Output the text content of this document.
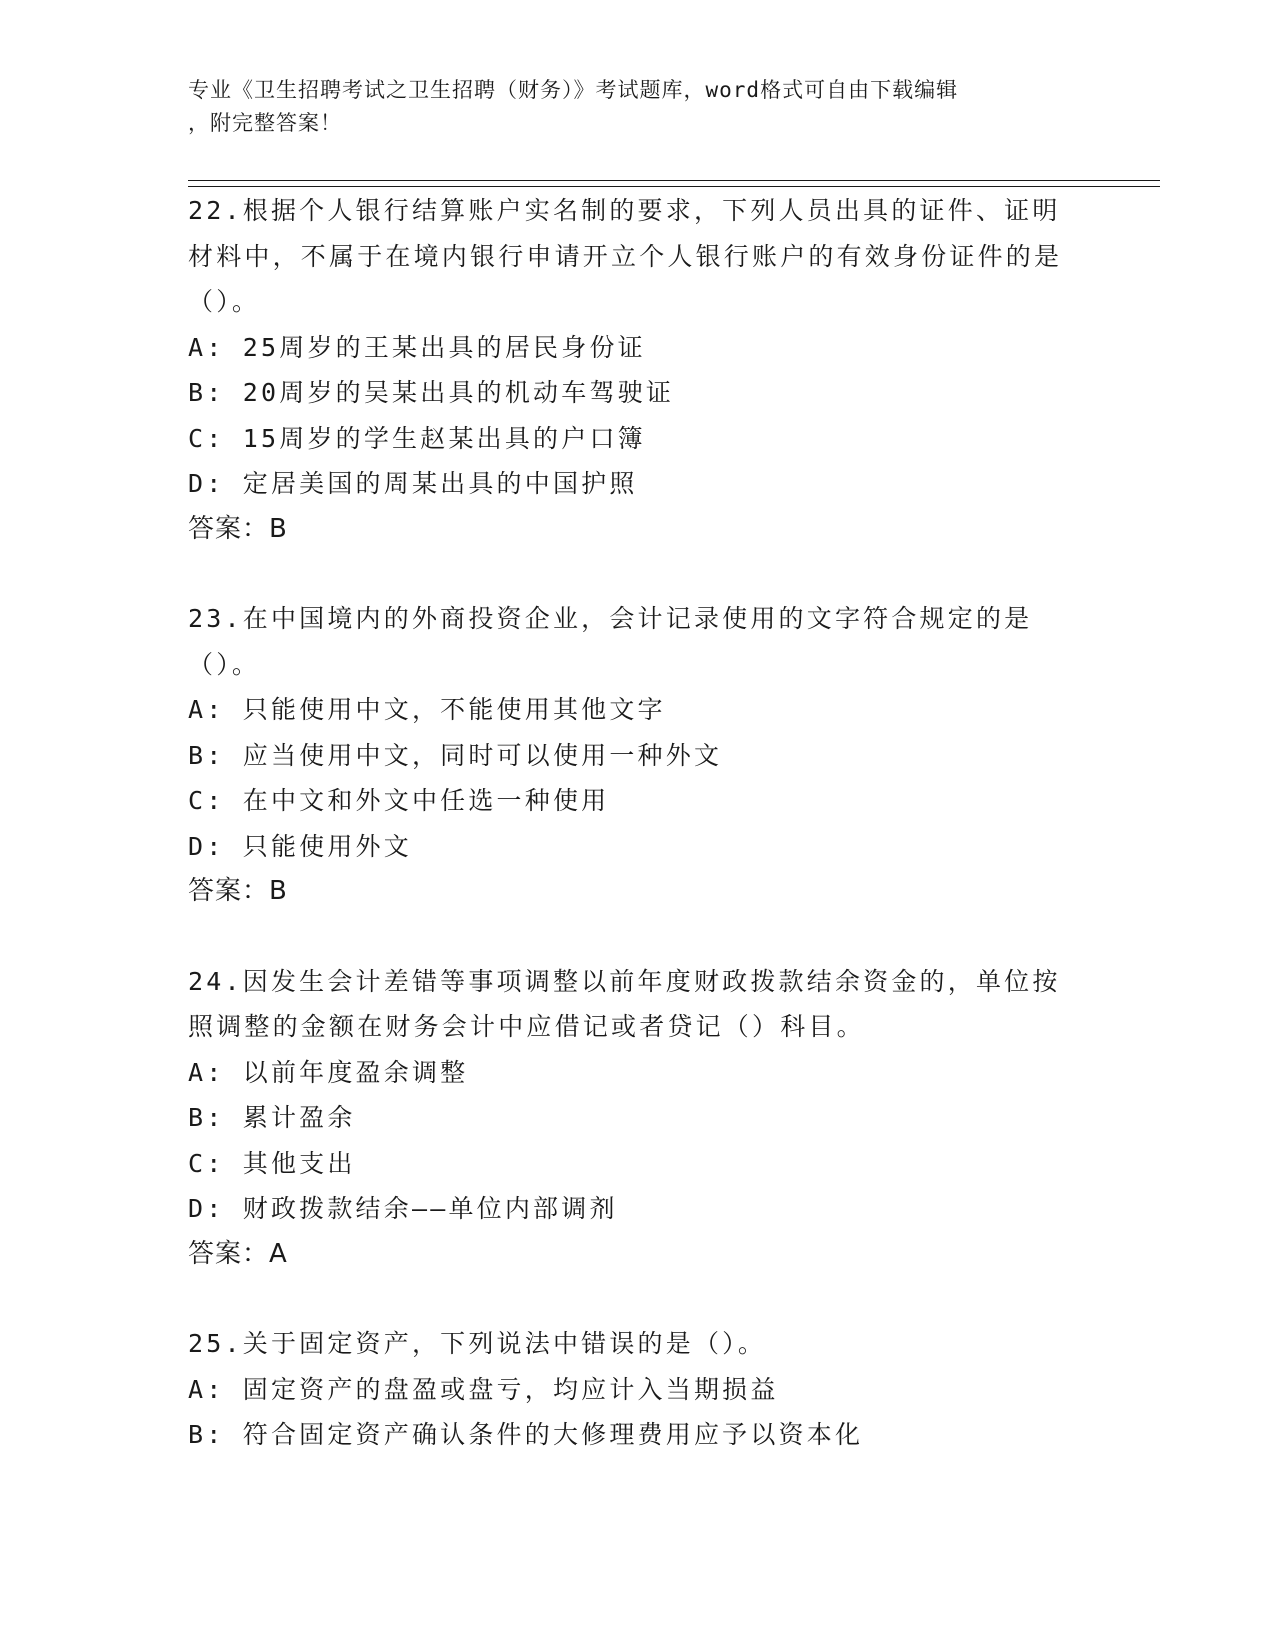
专业《卫生招聘考试之卫生招聘（财务）》考试题库，word格式可自由下载编辑
，附完整答案！
22.根据个人银行结算账户实名制的要求，下列人员出具的证件、证明材料中，不属于在境内银行申请开立个人银行账户的有效身份证件的是（）。
A: 25周岁的王某出具的居民身份证
B: 20周岁的吴某出具的机动车驾驶证
C: 15周岁的学生赵某出具的户口簿
D: 定居美国的周某出具的中国护照
答案：B
23.在中国境内的外商投资企业，会计记录使用的文字符合规定的是（）。
A: 只能使用中文，不能使用其他文字
B: 应当使用中文，同时可以使用一种外文
C: 在中文和外文中任选一种使用
D: 只能使用外文
答案：B
24.因发生会计差错等事项调整以前年度财政拨款结余资金的，单位按照调整的金额在财务会计中应借记或者贷记（）科目。
A: 以前年度盈余调整
B: 累计盈余
C: 其他支出
D: 财政拨款结余——单位内部调剂
答案：A
25.关于固定资产，下列说法中错误的是（）。
A: 固定资产的盘盈或盘亏，均应计入当期损益
B: 符合固定资产确认条件的大修理费用应予以资本化
